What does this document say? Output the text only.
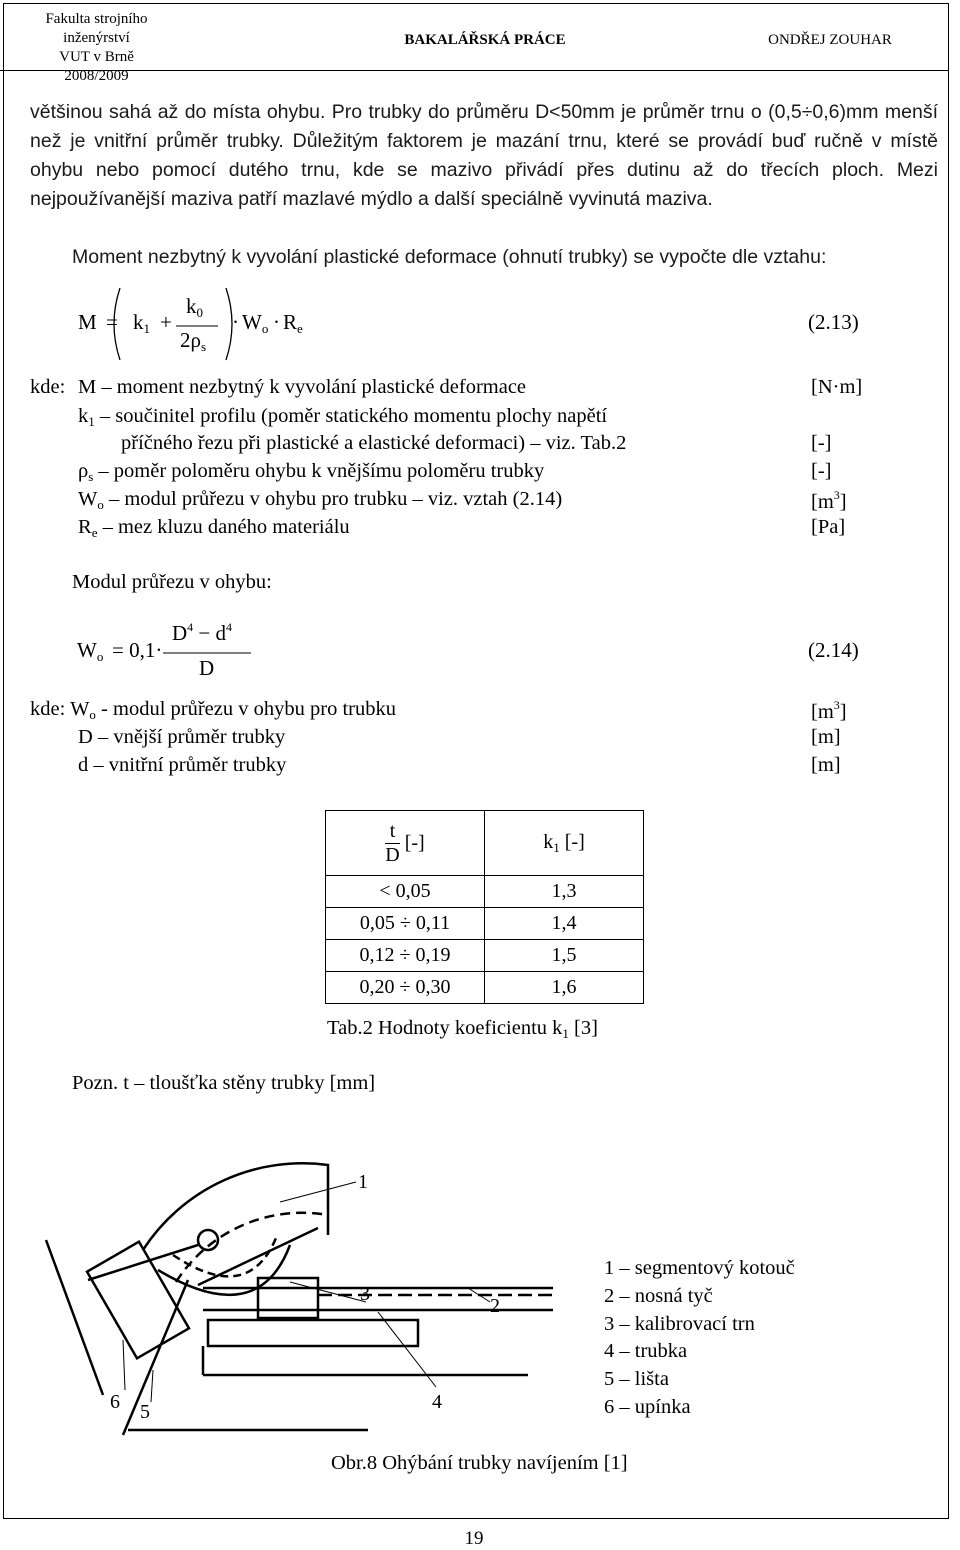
Fakulta strojního inženýrství
VUT v Brně
2008/2009
BAKALÁŘSKÁ PRÁCE	ONDŘEJ ZOUHAR
většinou sahá až do místa ohybu. Pro trubky do průměru D<50mm je průměr trnu o (0,5÷0,6)mm menší než je vnitřní průměr trubky. Důležitým faktorem je mazání trnu, které se provádí buď ručně v místě ohybu nebo pomocí dutého trnu, kde se mazivo přivádí přes dutinu až do třecích ploch. Mezi nejpoužívanější maziva patří mazlavé mýdlo a další speciálně vyvinutá maziva.
Moment nezbytný k vyvolání plastické deformace (ohnutí trubky) se vypočte dle vztahu:
$M = k_1$ +
$k_0$
$2\rho_s$
· $W_o \cdot R_e$	(2.13)
kde: M – moment nezbytný k vyvolání plastické deformace	[N·m]
$k_1$ – součinitel profilu (poměr statického momentu plochy napětí
příčného řezu při plastické a elastické deformaci) – viz. Tab.2	[-]
$\rho_s$ – poměr poloměru ohybu k vnějšímu poloměru trubky	[-]
$W_o$ – modul průřezu v ohybu pro trubku – viz. vztah (2.14)	$[m^3]$
$R_e$ – mez kluzu daného materiálu	[Pa]
Modul průřezu v ohybu:
$W_o = 0,1\cdot$
$D^4 - d^4$
D
(2.14)
kde: $W_o$ - modul průřezu v ohybu pro trubku	$[m^3]$
D – vnější průměr trubky	[m]
d – vnitřní průměr trubky	[m]
$\frac{t}{D}$ [-]	$k_1$ [-]
< 0,05	1,3
0,05 ÷ 0,11	1,4
0,12 ÷ 0,19	1,5
0,20 ÷ 0,30	1,6
Tab.2 Hodnoty koeficientu $k_1$ [3]
Pozn. t – tloušťka stěny trubky [mm]
1
2
3
4
5
6
1 – segmentový kotouč
2 – nosná tyč
3 – kalibrovací trn
4 – trubka
5 – lišta
6 – upínka
Obr.8 Ohýbání trubky navíjením [1]
19
